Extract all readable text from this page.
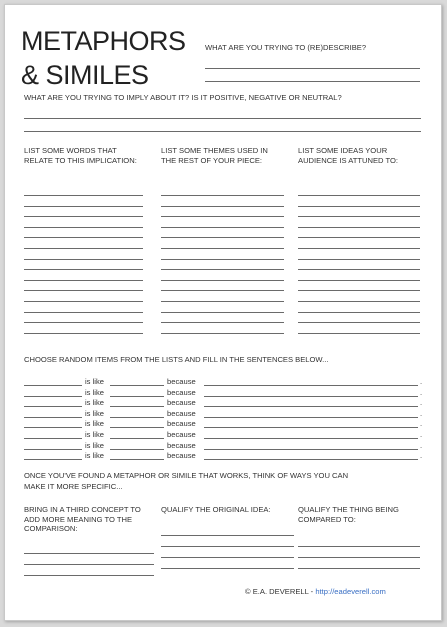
METAPHORS
& SIMILES
WHAT ARE YOU TRYING TO (RE)DESCRIBE?
WHAT ARE YOU TRYING TO IMPLY ABOUT IT? IS IT POSITIVE, NEGATIVE OR NEUTRAL?
LIST SOME WORDS THAT RELATE TO THIS IMPLICATION:
LIST SOME THEMES USED IN THE REST OF YOUR PIECE:
LIST SOME IDEAS YOUR AUDIENCE IS ATTUNED TO:
CHOOSE RANDOM ITEMS FROM THE LISTS AND FILL IN THE SENTENCES BELOW...
is like	because	.
is like	because	.
is like	because	.
is like	because	.
is like	because	.
is like	because	.
is like	because	.
is like	because	.
ONCE YOU'VE FOUND A METAPHOR OR SIMILE THAT WORKS, THINK OF WAYS YOU CAN
MAKE IT MORE SPECIFIC...
BRING IN A THIRD CONCEPT TO ADD MORE MEANING TO THE COMPARISON:
QUALIFY THE ORIGINAL IDEA:	QUALIFY THE THING BEING COMPARED TO:
© E.A. DEVERELL - http://eadeverell.com
